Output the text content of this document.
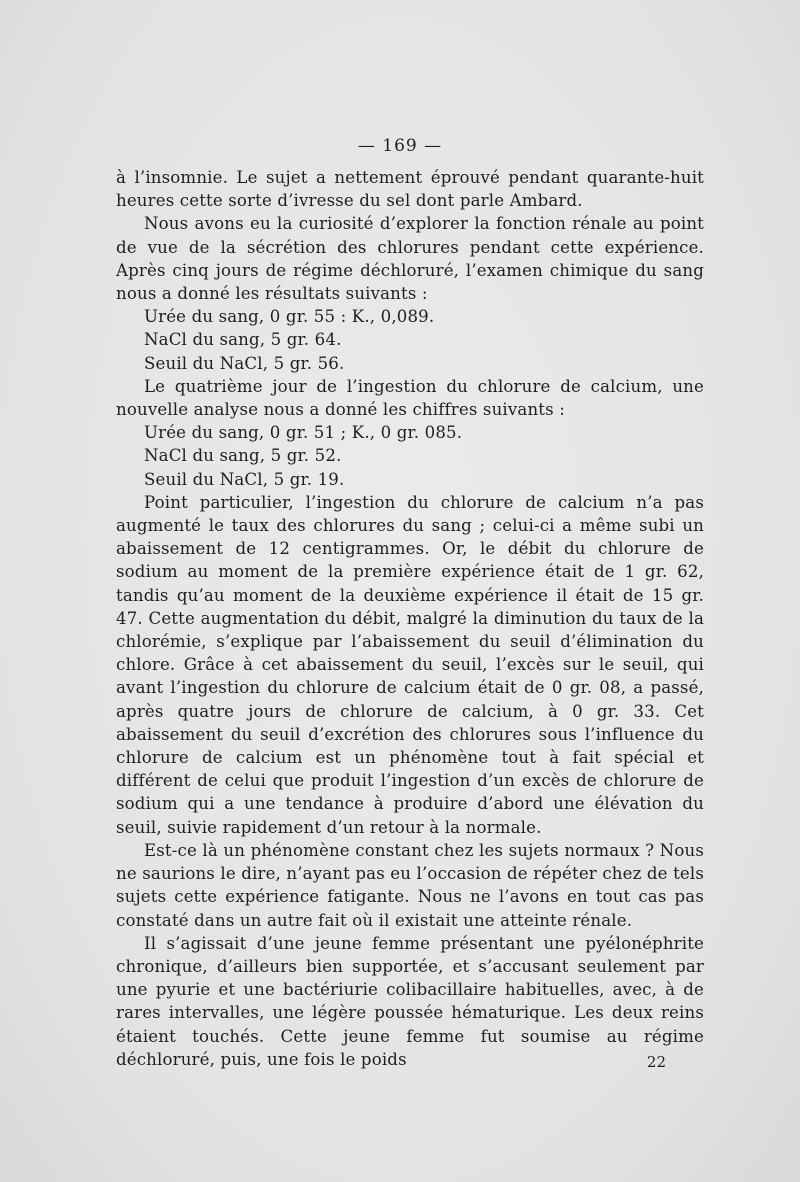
— 169 —

à l’insomnie. Le sujet a nettement éprouvé pendant quarante-huit heures cette sorte d’ivresse du sel dont parle Ambard.

Nous avons eu la curiosité d’explorer la fonction rénale au point de vue de la sécrétion des chlorures pendant cette expérience. Après cinq jours de régime déchloruré, l’examen chimique du sang nous a donné les résultats suivants :

Urée du sang, 0 gr. 55 : K., 0,089.

NaCl du sang, 5 gr. 64.

Seuil du NaCl, 5 gr. 56.

Le quatrième jour de l’ingestion du chlorure de calcium, une nouvelle analyse nous a donné les chiffres suivants :

Urée du sang, 0 gr. 51 ; K., 0 gr. 085.

NaCl du sang, 5 gr. 52.

Seuil du NaCl, 5 gr. 19.

Point particulier, l’ingestion du chlorure de calcium n’a pas augmenté le taux des chlorures du sang ; celui-ci a même subi un abaissement de 12 centigrammes. Or, le débit du chlorure de sodium au moment de la première expérience était de 1 gr. 62, tandis qu’au moment de la deuxième expérience il était de 15 gr. 47. Cette augmentation du débit, malgré la diminution du taux de la chlorémie, s’explique par l’abaissement du seuil d’élimination du chlore. Grâce à cet abaissement du seuil, l’excès sur le seuil, qui avant l’ingestion du chlorure de calcium était de 0 gr. 08, a passé, après quatre jours de chlorure de calcium, à 0 gr. 33. Cet abaissement du seuil d’excrétion des chlorures sous l’influence du chlorure de calcium est un phénomène tout à fait spécial et différent de celui que produit l’ingestion d’un excès de chlorure de sodium qui a une tendance à produire d’abord une élévation du seuil, suivie rapidement d’un retour à la normale.

Est-ce là un phénomène constant chez les sujets normaux ? Nous ne saurions le dire, n’ayant pas eu l’occasion de répéter chez de tels sujets cette expérience fatigante. Nous ne l’avons en tout cas pas constaté dans un autre fait où il existait une atteinte rénale.

Il s’agissait d’une jeune femme présentant une pyélonéphrite chronique, d’ailleurs bien supportée, et s’accusant seulement par une pyurie et une bactériurie colibacillaire habituelles, avec, à de rares intervalles, une légère poussée hématurique. Les deux reins étaient touchés. Cette jeune femme fut soumise au régime déchloruré, puis, une fois le poids	22
